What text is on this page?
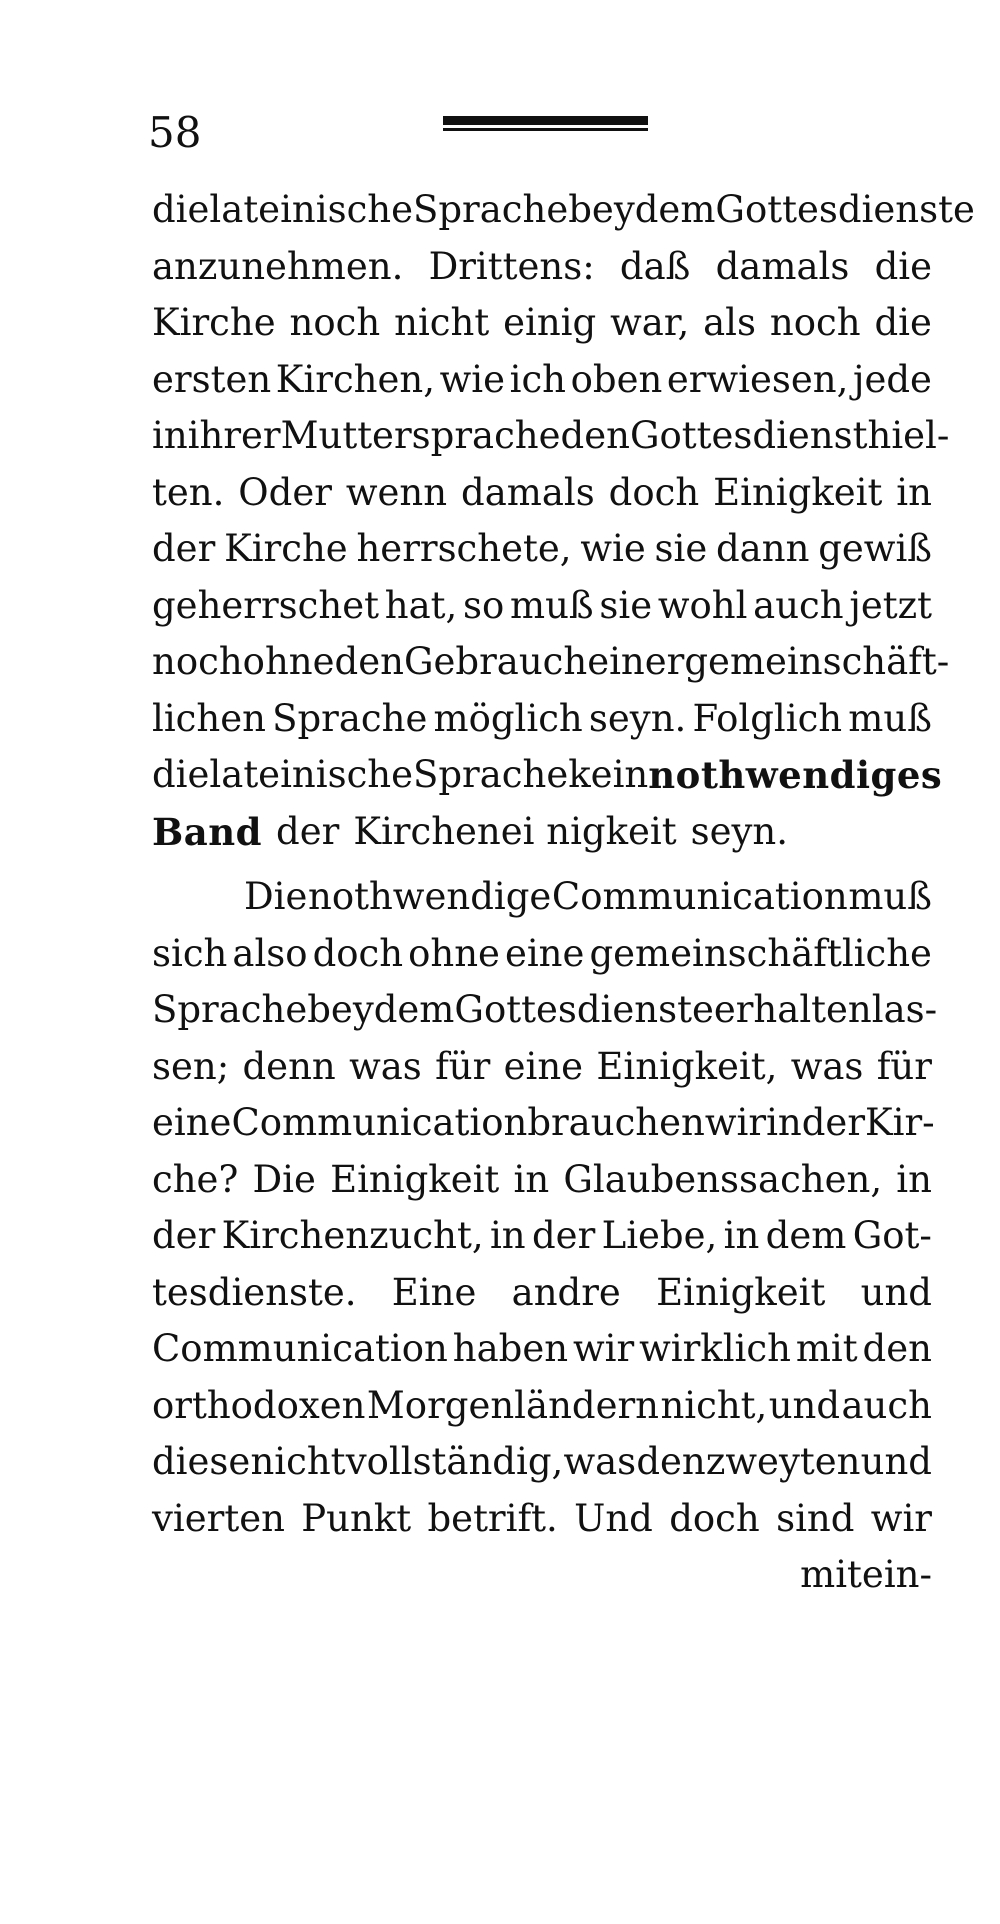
58
die lateinische Sprache bey dem Gottesdienste
anzunehmen. Drittens: daß damals die
Kirche noch nicht einig war, als noch die
ersten Kirchen, wie ich oben erwiesen, jede
in ihrer Muttersprache den Gottesdienst hiel-
ten. Oder wenn damals doch Einigkeit in
der Kirche herrschete, wie sie dann gewiß
geherrschet hat, so muß sie wohl auch jetzt
noch ohne den Gebrauch einer gemeinschäft-
lichen Sprache möglich seyn. Folglich muß
die lateinische Sprache kein nothwendiges
Band der Kirchenei nigkeit seyn.
Die nothwendige Communication muß
sich also doch ohne eine gemeinschäftliche
Sprache bey dem Gottesdienste erhalten las-
sen; denn was für eine Einigkeit, was für
eine Communication brauchen wir in der Kir-
che? Die Einigkeit in Glaubenssachen, in
der Kirchenzucht, in der Liebe, in dem Got-
tesdienste. Eine andre Einigkeit und
Communication haben wir wirklich mit den
orthodoxen Morgenländern nicht, und auch
diese nicht vollständig, was den zweyten und
vierten Punkt betrift. Und doch sind wir
mitein-
